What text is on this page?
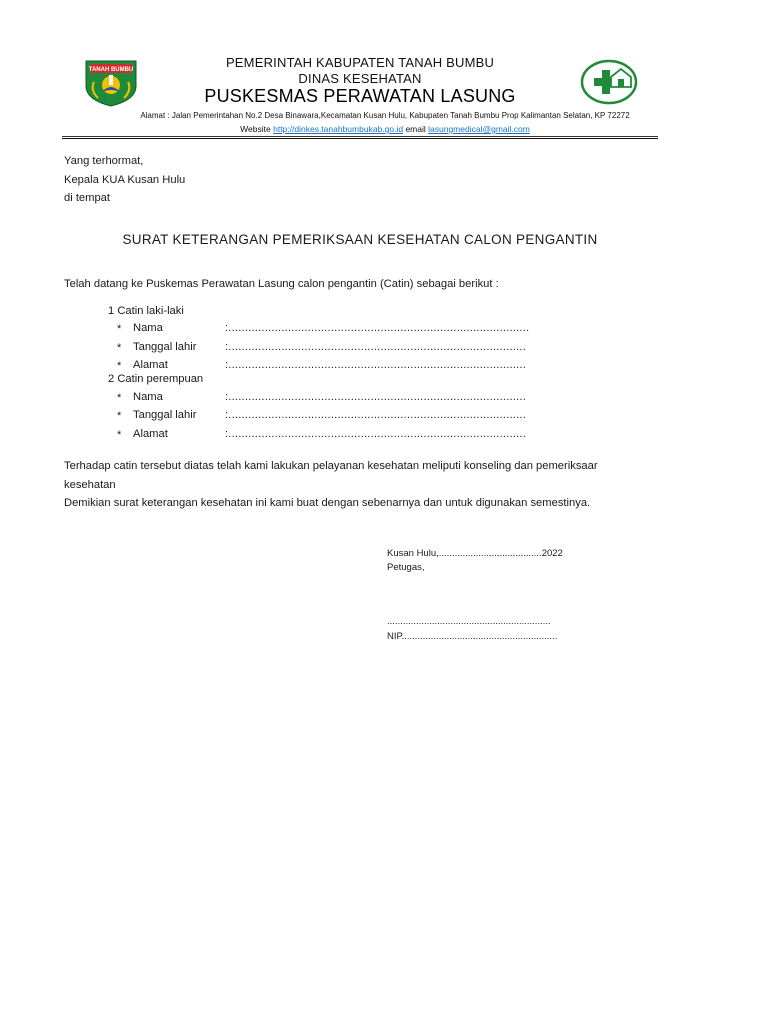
TANAH BUMBU	PEMERINTAH KABUPATEN TANAH BUMBU
DINAS KESEHATAN
PUSKESMAS PERAWATAN LASUNG
Alamat : Jalan Pemerintahan No.2 Desa Binawara,Kecamatan Kusan Hulu, Kabupaten Tanah Bumbu Prop Kalimantan Selatan, KP 72272
Website http://dinkes.tanahbumbukab.go.id email lasungmedical@gmail.com
Yang terhormat,
Kepala KUA Kusan Hulu
di tempat
SURAT KETERANGAN PEMERIKSAAN KESEHATAN CALON PENGANTIN
Telah datang ke Puskemas Perawatan Lasung calon pengantin (Catin) sebagai berikut :
1 Catin laki-laki
* Nama	:...........................................................................................
* Tanggal lahir	:..........................................................................................
* Alamat	:..........................................................................................
2 Catin perempuan
* Nama	:..........................................................................................
* Tanggal lahir	:..........................................................................................
* Alamat	:..........................................................................................
Terhadap catin tersebut diatas telah kami lakukan pelayanan kesehatan meliputi konseling dan pemeriksaar
kesehatan
Demikian surat keterangan kesehatan ini kami buat dengan sebenarnya dan untuk digunakan semestinya.
Kusan Hulu,.......................................2022
Petugas,
..............................................................
NIP...........................................................
